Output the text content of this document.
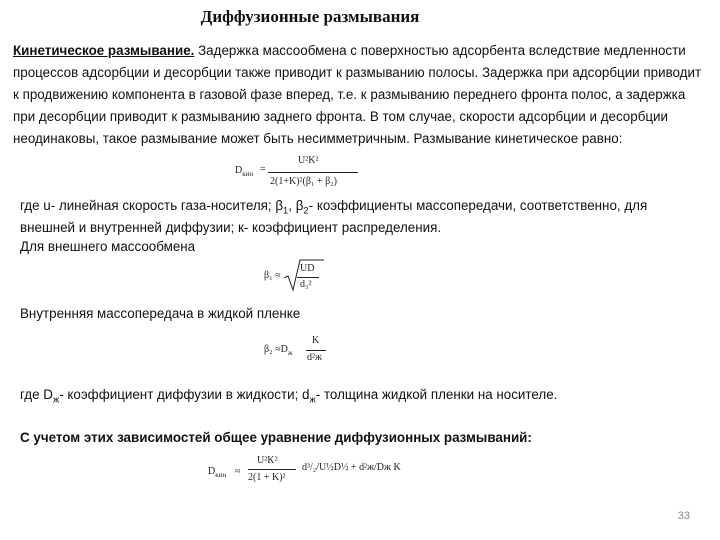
Диффузионные размывания
Кинетическое размывание. Задержка массообмена с поверхностью адсорбента вследствие медленности процессов адсорбции и десорбции также приводит к размыванию полосы. Задержка при адсорбции приводит к продвижению компонента в газовой фазе вперед, т.е. к размыванию переднего фронта полос, а задержка при десорбции приводит к размыванию заднего фронта. В том случае, скорости адсорбции и десорбции неодинаковы, такое размывание может быть несимметричным. Размывание кинетическое равно:
$D_{кин}$ =
U²K²
2(1+K)²(β₁ + β₂)
где u- линейная скорость газа-носителя; $\beta_1$, $\beta_2-$ коэффициенты массопередачи, соответственно, для
внешней и внутренней диффузии; к- коэффициент распределения.
Для внешнего массообмена
β₁ ≈
UD
d₃²
Внутренняя массопередача в жидкой пленке
$\beta_2 \approx D_ж$
K
d²ж
где $D_ж-$ коэффициент диффузии в жидкости; $d_ж-$ толщина жидкой пленки на носителе.
С учетом этих зависимостей общее уравнение диффузионных размываний:
$D_{кин}$ ≈
U²K²
2(1 + K)²
d³/₂/U½D½ + d²ж/Dж K
33
